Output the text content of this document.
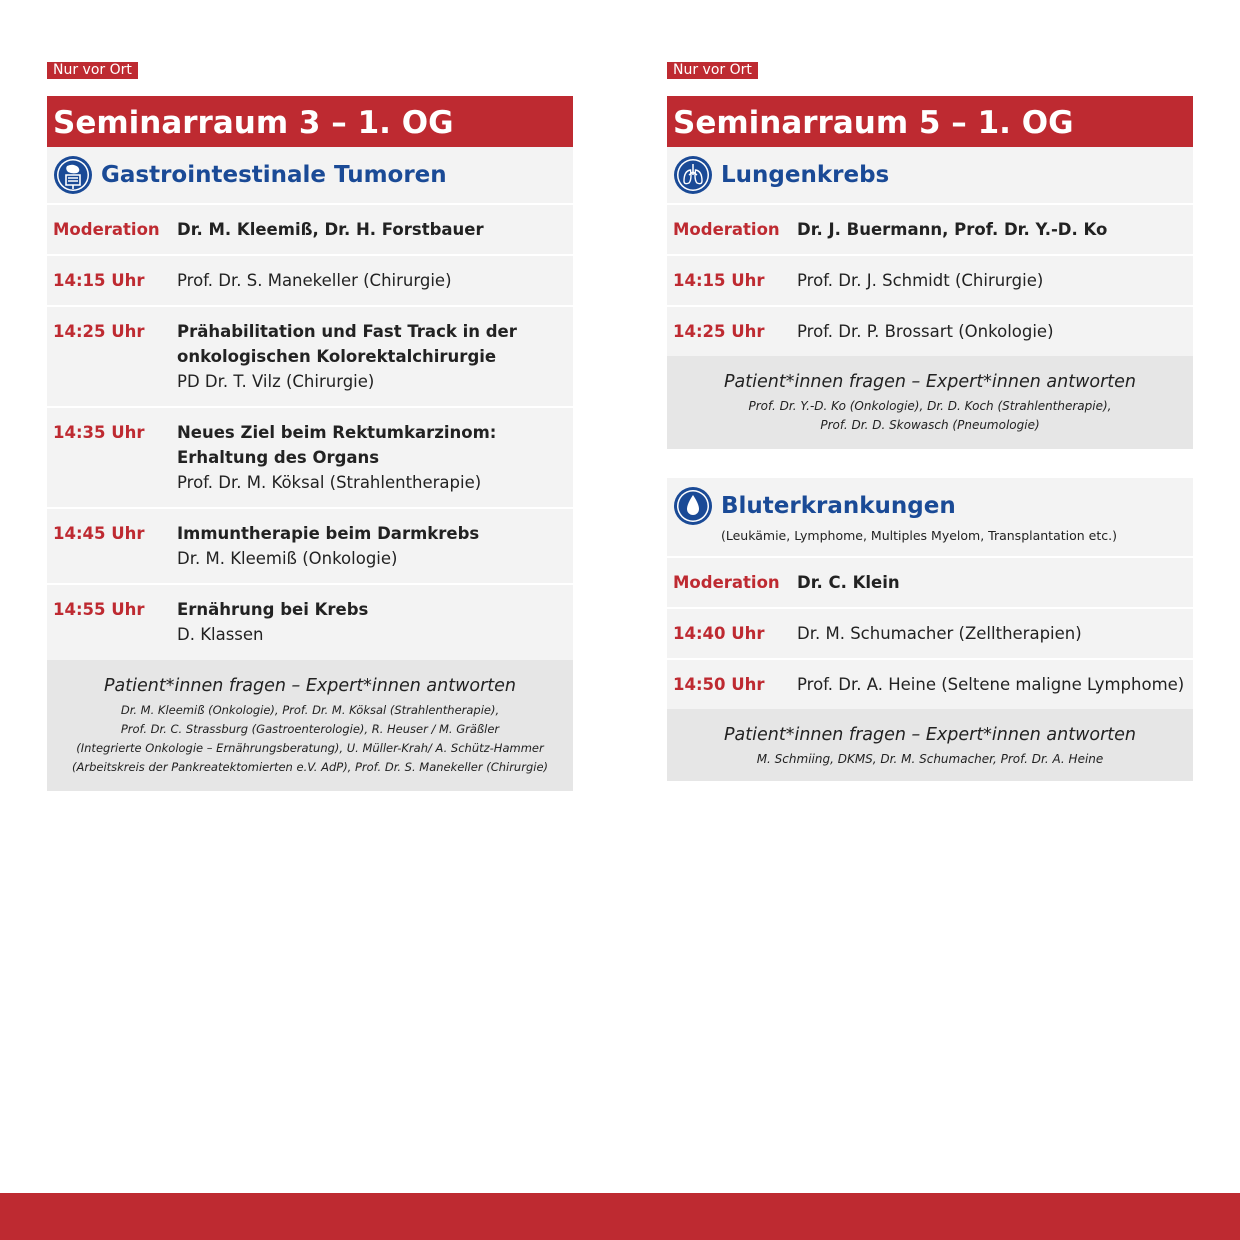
Nur vor Ort
Seminarraum 3 – 1. OG
Gastrointestinale Tumoren
Moderation	Dr. M. Kleemiß, Dr. H. Forstbauer
14:15 Uhr	Prof. Dr. S. Manekeller (Chirurgie)
14:25 Uhr	Prähabilitation und Fast Track in der
onkologischen Kolorektalchirurgie
PD Dr. T. Vilz (Chirurgie)
14:35 Uhr	Neues Ziel beim Rektumkarzinom:
Erhaltung des Organs
Prof. Dr. M. Köksal (Strahlentherapie)
14:45 Uhr	Immuntherapie beim Darmkrebs
Dr. M. Kleemiß (Onkologie)
14:55 Uhr	Ernährung bei Krebs
D. Klassen
Patient*innen fragen – Expert*innen antworten
Dr. M. Kleemiß (Onkologie), Prof. Dr. M. Köksal (Strahlentherapie),
Prof. Dr. C. Strassburg (Gastroenterologie), R. Heuser / M. Gräßler
(Integrierte Onkologie – Ernährungsberatung), U. Müller-Krah/ A. Schütz-Hammer
(Arbeitskreis der Pankreatektomierten e.V. AdP), Prof. Dr. S. Manekeller (Chirurgie)
Nur vor Ort
Seminarraum 5 – 1. OG
Lungenkrebs
Moderation	Dr. J. Buermann, Prof. Dr. Y.-D. Ko
14:15 Uhr	Prof. Dr. J. Schmidt (Chirurgie)
14:25 Uhr	Prof. Dr. P. Brossart (Onkologie)
Patient*innen fragen – Expert*innen antworten
Prof. Dr. Y.-D. Ko (Onkologie), Dr. D. Koch (Strahlentherapie),
Prof. Dr. D. Skowasch (Pneumologie)
Bluterkrankungen
(Leukämie, Lymphome, Multiples Myelom, Transplantation etc.)
Moderation	Dr. C. Klein
14:40 Uhr	Dr. M. Schumacher (Zelltherapien)
14:50 Uhr	Prof. Dr. A. Heine (Seltene maligne Lymphome)
Patient*innen fragen – Expert*innen antworten
M. Schmiing, DKMS, Dr. M. Schumacher, Prof. Dr. A. Heine
